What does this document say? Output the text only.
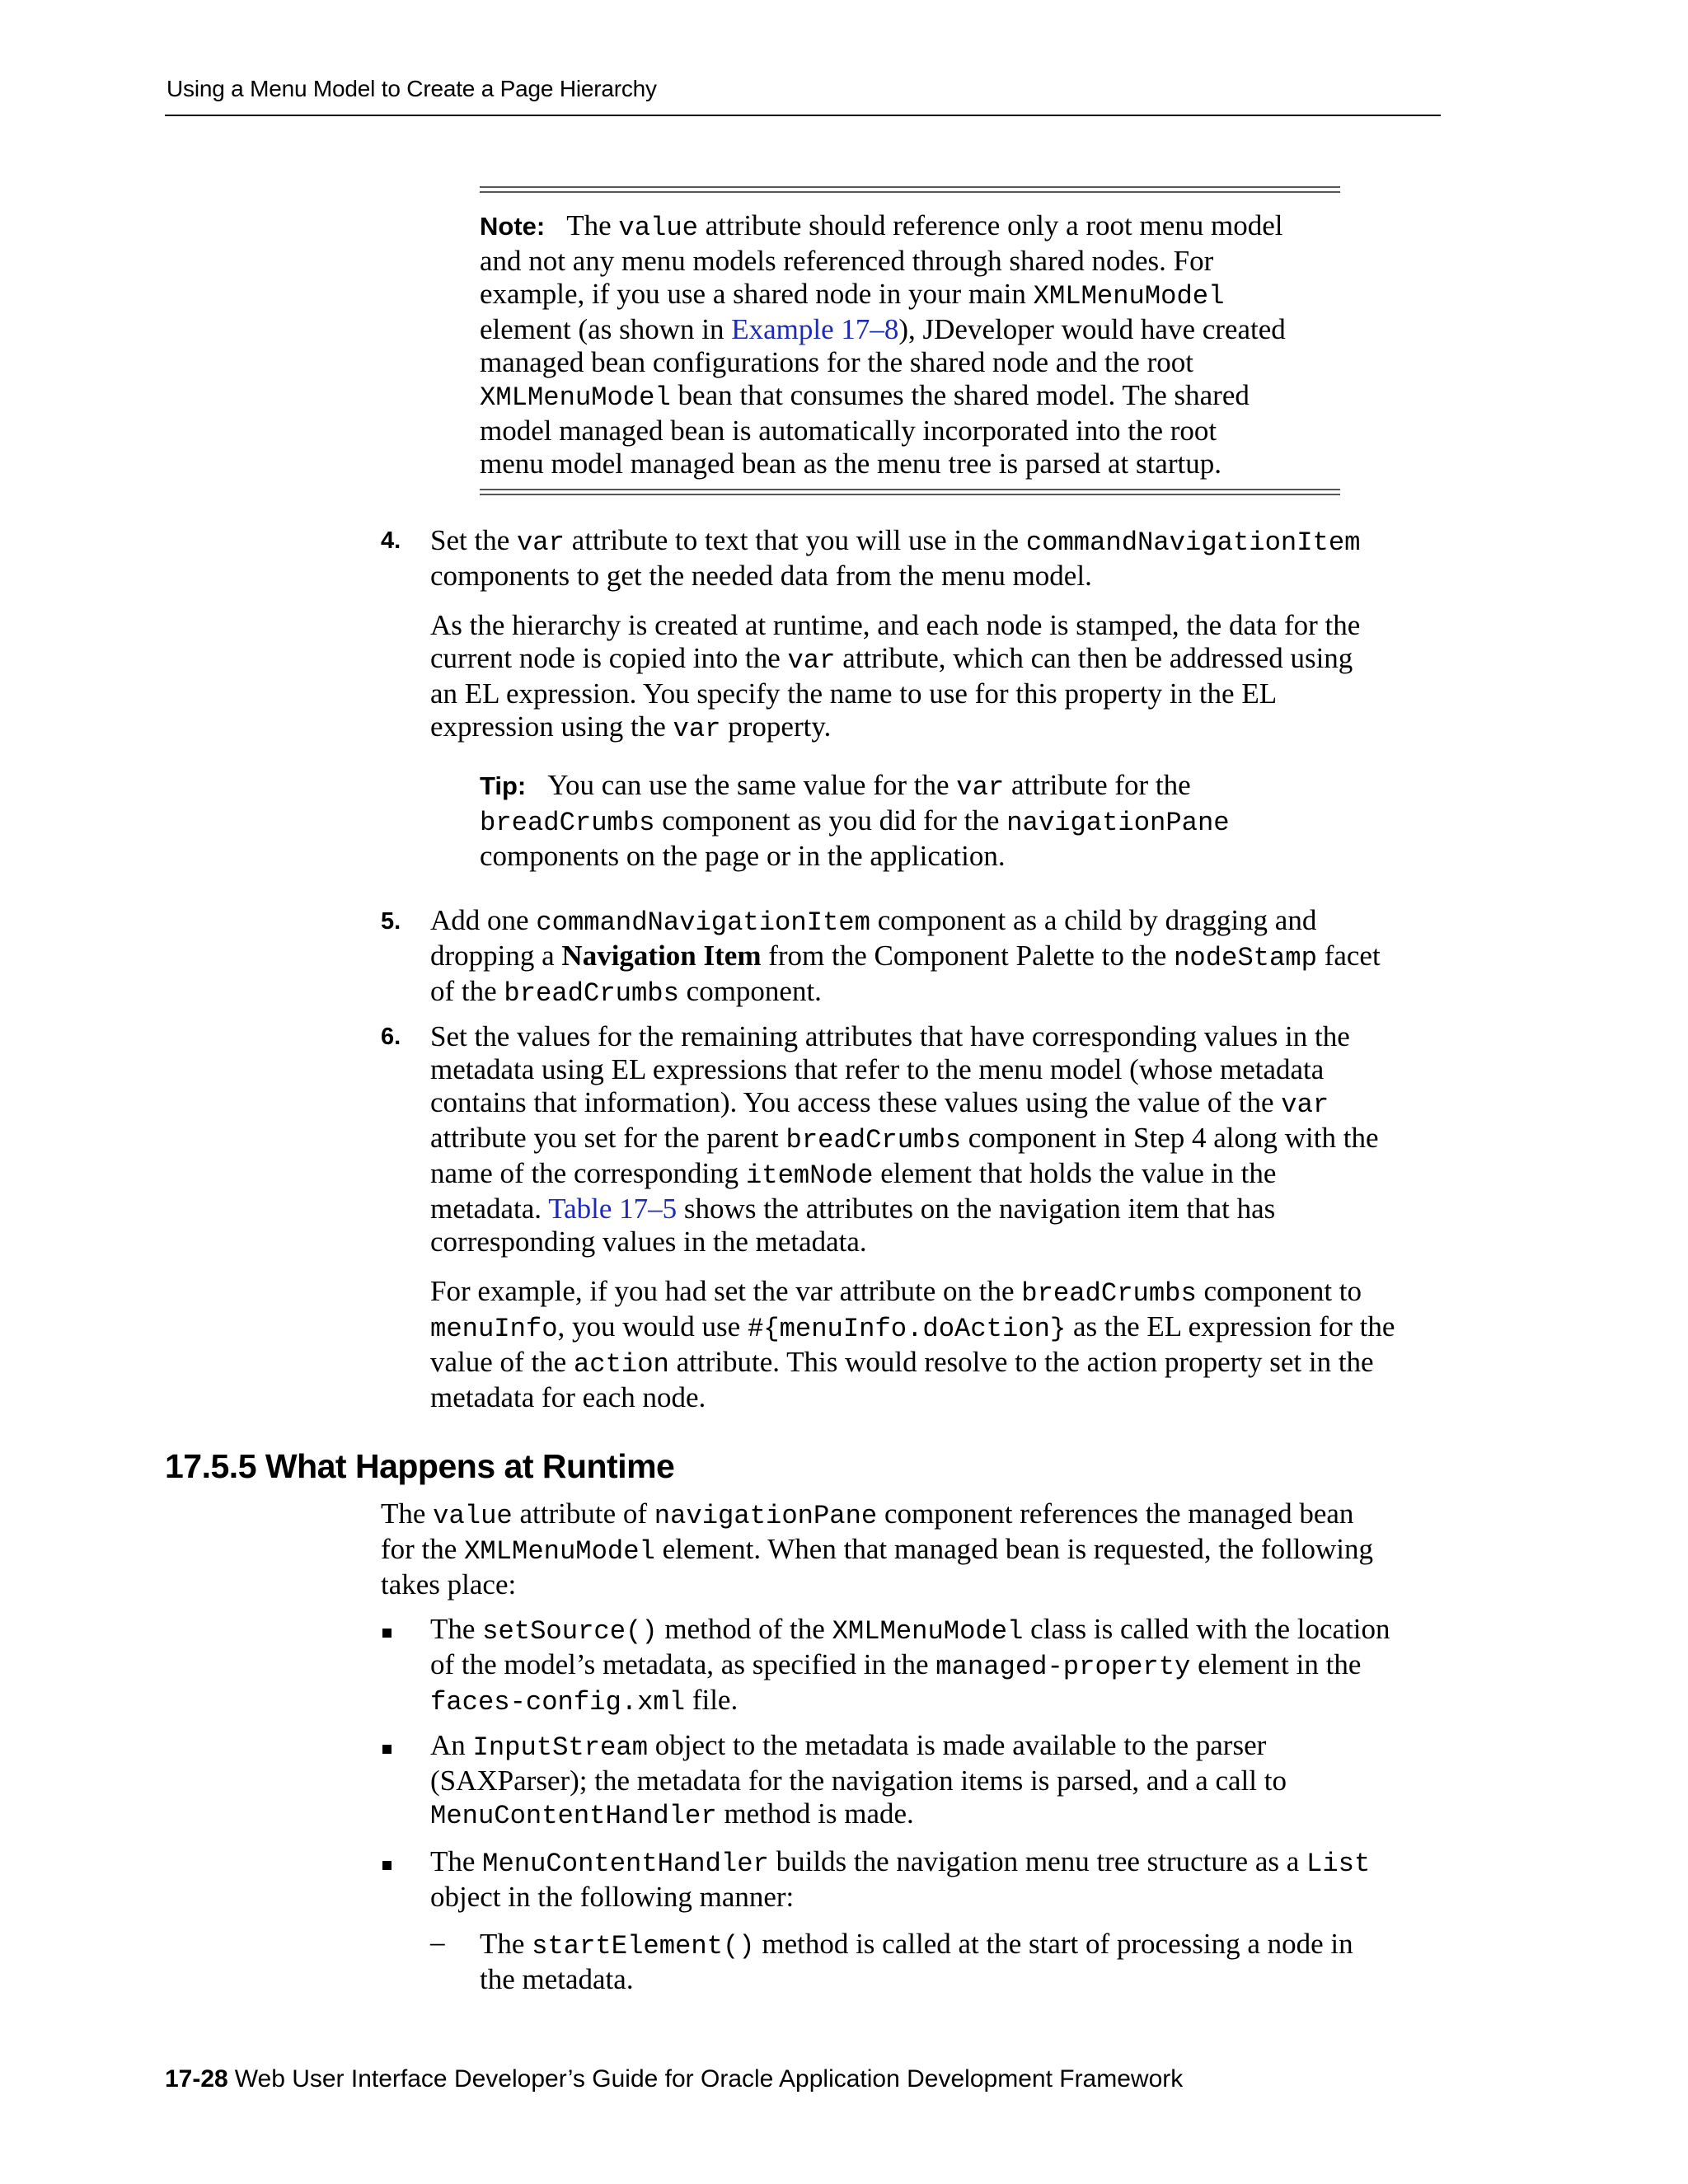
Using a Menu Model to Create a Page Hierarchy
Note: The value attribute should reference only a root menu model
and not any menu models referenced through shared nodes. For
example, if you use a shared node in your main XMLMenuModel
element (as shown in Example 17–8), JDeveloper would have created
managed bean configurations for the shared node and the root
XMLMenuModel bean that consumes the shared model. The shared
model managed bean is automatically incorporated into the root
menu model managed bean as the menu tree is parsed at startup.
4. Set the var attribute to text that you will use in the commandNavigationItem
components to get the needed data from the menu model.
As the hierarchy is created at runtime, and each node is stamped, the data for the
current node is copied into the var attribute, which can then be addressed using
an EL expression. You specify the name to use for this property in the EL
expression using the var property.
Tip: You can use the same value for the var attribute for the
breadCrumbs component as you did for the navigationPane
components on the page or in the application.
5. Add one commandNavigationItem component as a child by dragging and
dropping a Navigation Item from the Component Palette to the nodeStamp facet
of the breadCrumbs component.
6. Set the values for the remaining attributes that have corresponding values in the
metadata using EL expressions that refer to the menu model (whose metadata
contains that information). You access these values using the value of the var
attribute you set for the parent breadCrumbs component in Step 4 along with the
name of the corresponding itemNode element that holds the value in the
metadata. Table 17–5 shows the attributes on the navigation item that has
corresponding values in the metadata.
For example, if you had set the var attribute on the breadCrumbs component to
menuInfo, you would use #{menuInfo.doAction} as the EL expression for the
value of the action attribute. This would resolve to the action property set in the
metadata for each node.
17.5.5 What Happens at Runtime
The value attribute of navigationPane component references the managed bean
for the XMLMenuModel element. When that managed bean is requested, the following
takes place:
The setSource() method of the XMLMenuModel class is called with the location
of the model’s metadata, as specified in the managed-property element in the
faces-config.xml file.
An InputStream object to the metadata is made available to the parser
(SAXParser); the metadata for the navigation items is parsed, and a call to
MenuContentHandler method is made.
The MenuContentHandler builds the navigation menu tree structure as a List
object in the following manner:
– The startElement() method is called at the start of processing a node in
the metadata.
17-28 Web User Interface Developer’s Guide for Oracle Application Development Framework
